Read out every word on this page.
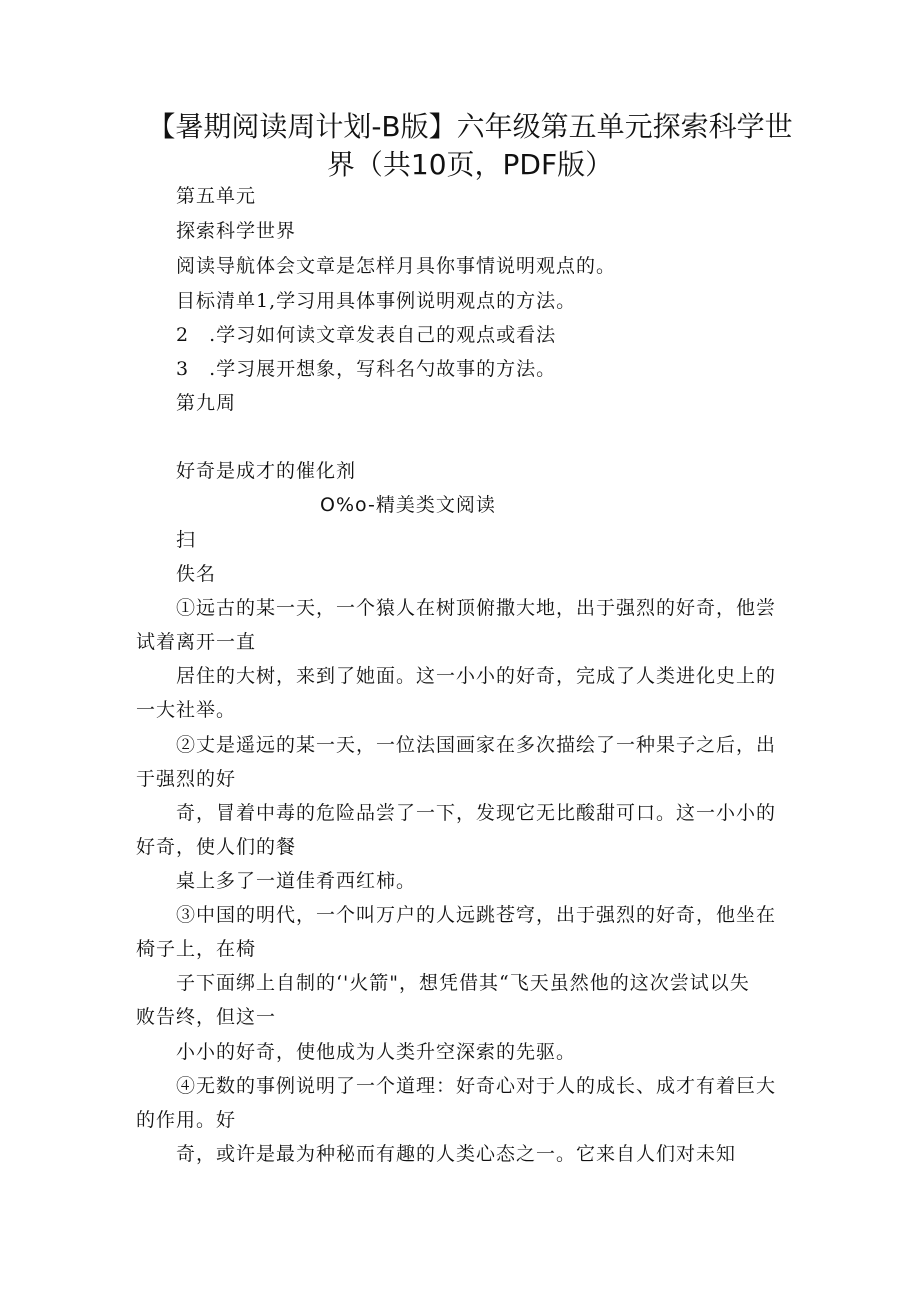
【暑期阅读周计划-B版】六年级第五单元探索科学世
界（共10页，PDF版）
第五单元
探索科学世界
阅读导航体会文章是怎样月具你事情说明观点的。
目标清单1,学习用具体事例说明观点的方法。
2　.学习如何读文章发表自己的观点或看法
3　.学习展开想象，写科名勺故事的方法。
第九周
好奇是成才的催化剂
O%o-精美类文阅读
扫
佚名
①远古的某一天，一个猿人在树顶俯撒大地，出于强烈的好奇，他尝
试着离开一直
居住的大树，来到了她面。这一小小的好奇，完成了人类进化史上的
一大社举。
②丈是遥远的某一天，一位法国画家在多次描绘了一种果子之后，出
于强烈的好
奇，冒着中毒的危险品尝了一下，发现它无比酸甜可口。这一小小的
好奇，使人们的餐
桌上多了一道佳肴西红柿。
③中国的明代，一个叫万户的人远跳苍穹，出于强烈的好奇，他坐在
椅子上，在椅
子下面绑上自制的‘'火箭"，想凭借其“飞天虽然他的这次尝试以失
败告终，但这一
小小的好奇，使他成为人类升空深索的先驱。
④无数的事例说明了一个道理：好奇心对于人的成长、成才有着巨大
的作用。好
奇，或许是最为种秘而有趣的人类心态之一。它来自人们对未知
